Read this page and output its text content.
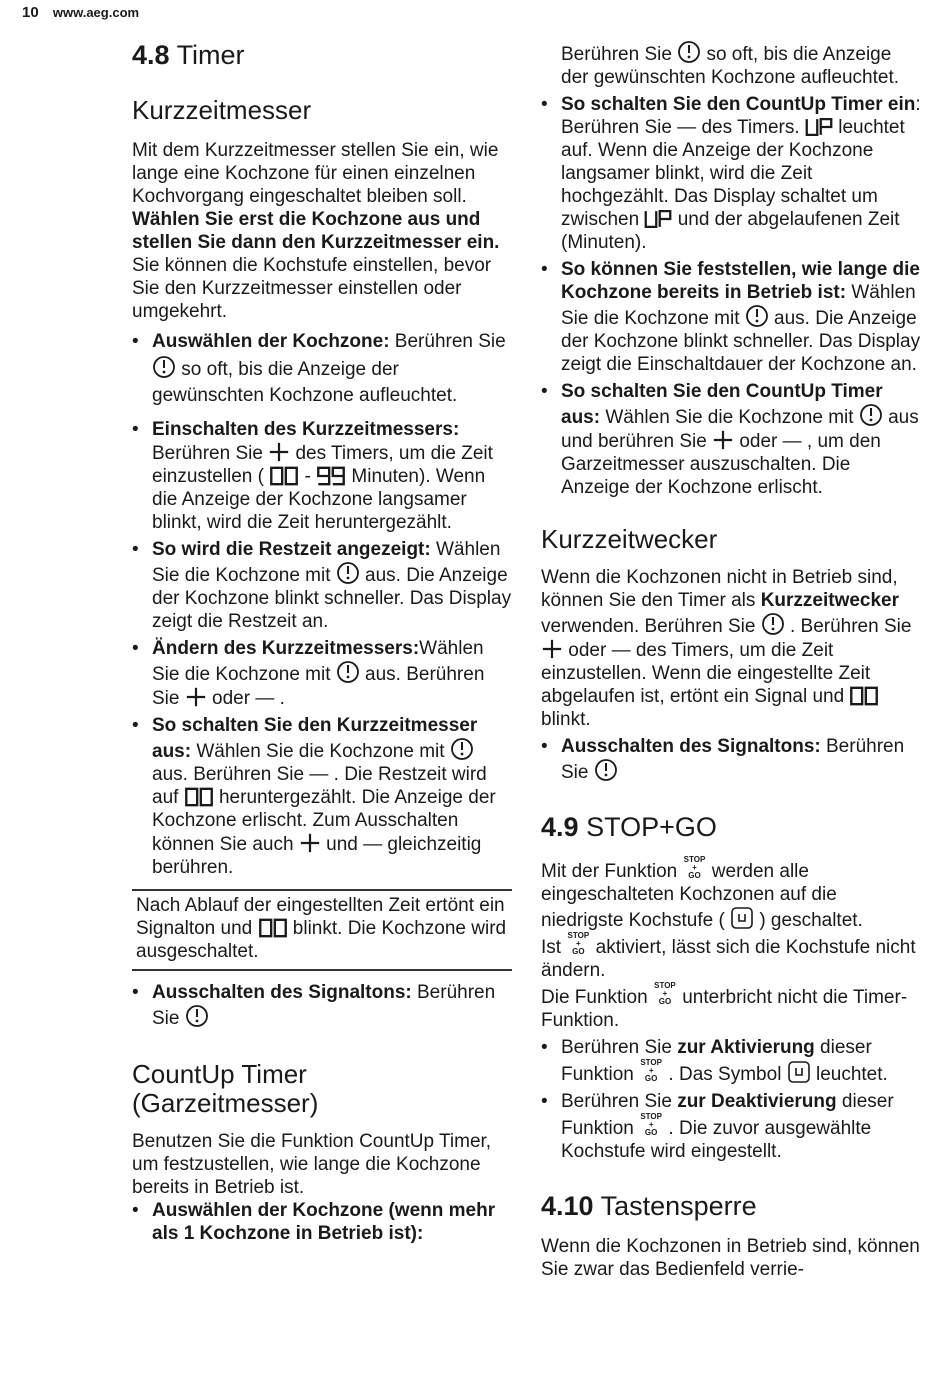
10 www.aeg.com
4.8 Timer
Kurzzeitmesser

Mit dem Kurzzeitmesser stellen Sie ein, wie lange eine Kochzone für einen einzelnen Kochvorgang eingeschaltet bleiben soll.

Wählen Sie erst die Kochzone aus und stellen Sie dann den Kurzzeitmesser ein.

Sie können die Kochstufe einstellen, bevor Sie den Kurzzeitmesser einstellen oder umgekehrt.

• Auswählen der Kochzone: Berühren Sie  so oft, bis die Anzeige der gewünschten Kochzone aufleuchtet.
• Einschalten des Kurzzeitmessers: Berühren Sie  des Timers, um die Zeit einzustellen (  -  Minuten). Wenn die Anzeige der Kochzone langsamer blinkt, wird die Zeit heruntergezählt.
• So wird die Restzeit angezeigt: Wählen Sie die Kochzone mit  aus. Die Anzeige der Kochzone blinkt schneller. Das Display zeigt die Restzeit an.
• Ändern des Kurzzeitmessers:Wählen Sie die Kochzone mit  aus. Berühren Sie  oder — .
• So schalten Sie den Kurzzeitmesser aus: Wählen Sie die Kochzone mit  aus. Berühren Sie — . Die Restzeit wird auf  heruntergezählt. Die Anzeige der Kochzone erlischt. Zum Ausschalten können Sie auch  und — gleichzeitig berühren.
Nach Ablauf der eingestellten Zeit ertönt ein Signalton und  blinkt. Die Kochzone wird ausgeschaltet.
• Ausschalten des Signaltons: Berühren Sie
CountUp Timer (Garzeitmesser)

Benutzen Sie die Funktion CountUp Timer, um festzustellen, wie lange die Kochzone bereits in Betrieb ist.

• Auswählen der Kochzone (wenn mehr als 1 Kochzone in Betrieb ist):

Berühren Sie  so oft, bis die Anzeige der gewünschten Kochzone aufleuchtet.

• So schalten Sie den CountUp Timer ein: Berühren Sie — des Timers.  leuchtet auf. Wenn die Anzeige der Kochzone langsamer blinkt, wird die Zeit hochgezählt. Das Display schaltet um zwischen  und der abgelaufenen Zeit (Minuten).
• So können Sie feststellen, wie lange die Kochzone bereits in Betrieb ist: Wählen Sie die Kochzone mit  aus. Die Anzeige der Kochzone blinkt schneller. Das Display zeigt die Einschaltdauer der Kochzone an.
• So schalten Sie den CountUp Timer aus: Wählen Sie die Kochzone mit  aus und berühren Sie  oder — , um den Garzeitmesser auszuschalten. Die Anzeige der Kochzone erlischt.
Kurzzeitwecker

Wenn die Kochzonen nicht in Betrieb sind, können Sie den Timer als Kurzzeitwecker verwenden. Berühren Sie  . Berühren Sie  oder — des Timers, um die Zeit einzustellen. Wenn die eingestellte Zeit abgelaufen ist, ertönt ein Signal und  blinkt.

• Ausschalten des Signaltons: Berühren Sie
4.9 STOP+GO

Mit der Funktion STOP
+
GO werden alle eingeschalteten Kochzonen auf die niedrigste Kochstufe (  ) geschaltet.

Ist STOP
+
GO aktiviert, lässt sich die Kochstufe nicht ändern.

Die Funktion STOP
+
GO unterbricht nicht die Timer-Funktion.

• Berühren Sie zur Aktivierung dieser Funktion STOP
+
GO . Das Symbol  leuchtet.
• Berühren Sie zur Deaktivierung dieser Funktion STOP
+
GO . Die zuvor ausgewählte Kochstufe wird eingestellt.
4.10 Tastensperre

Wenn die Kochzonen in Betrieb sind, können Sie zwar das Bedienfeld verrie-
